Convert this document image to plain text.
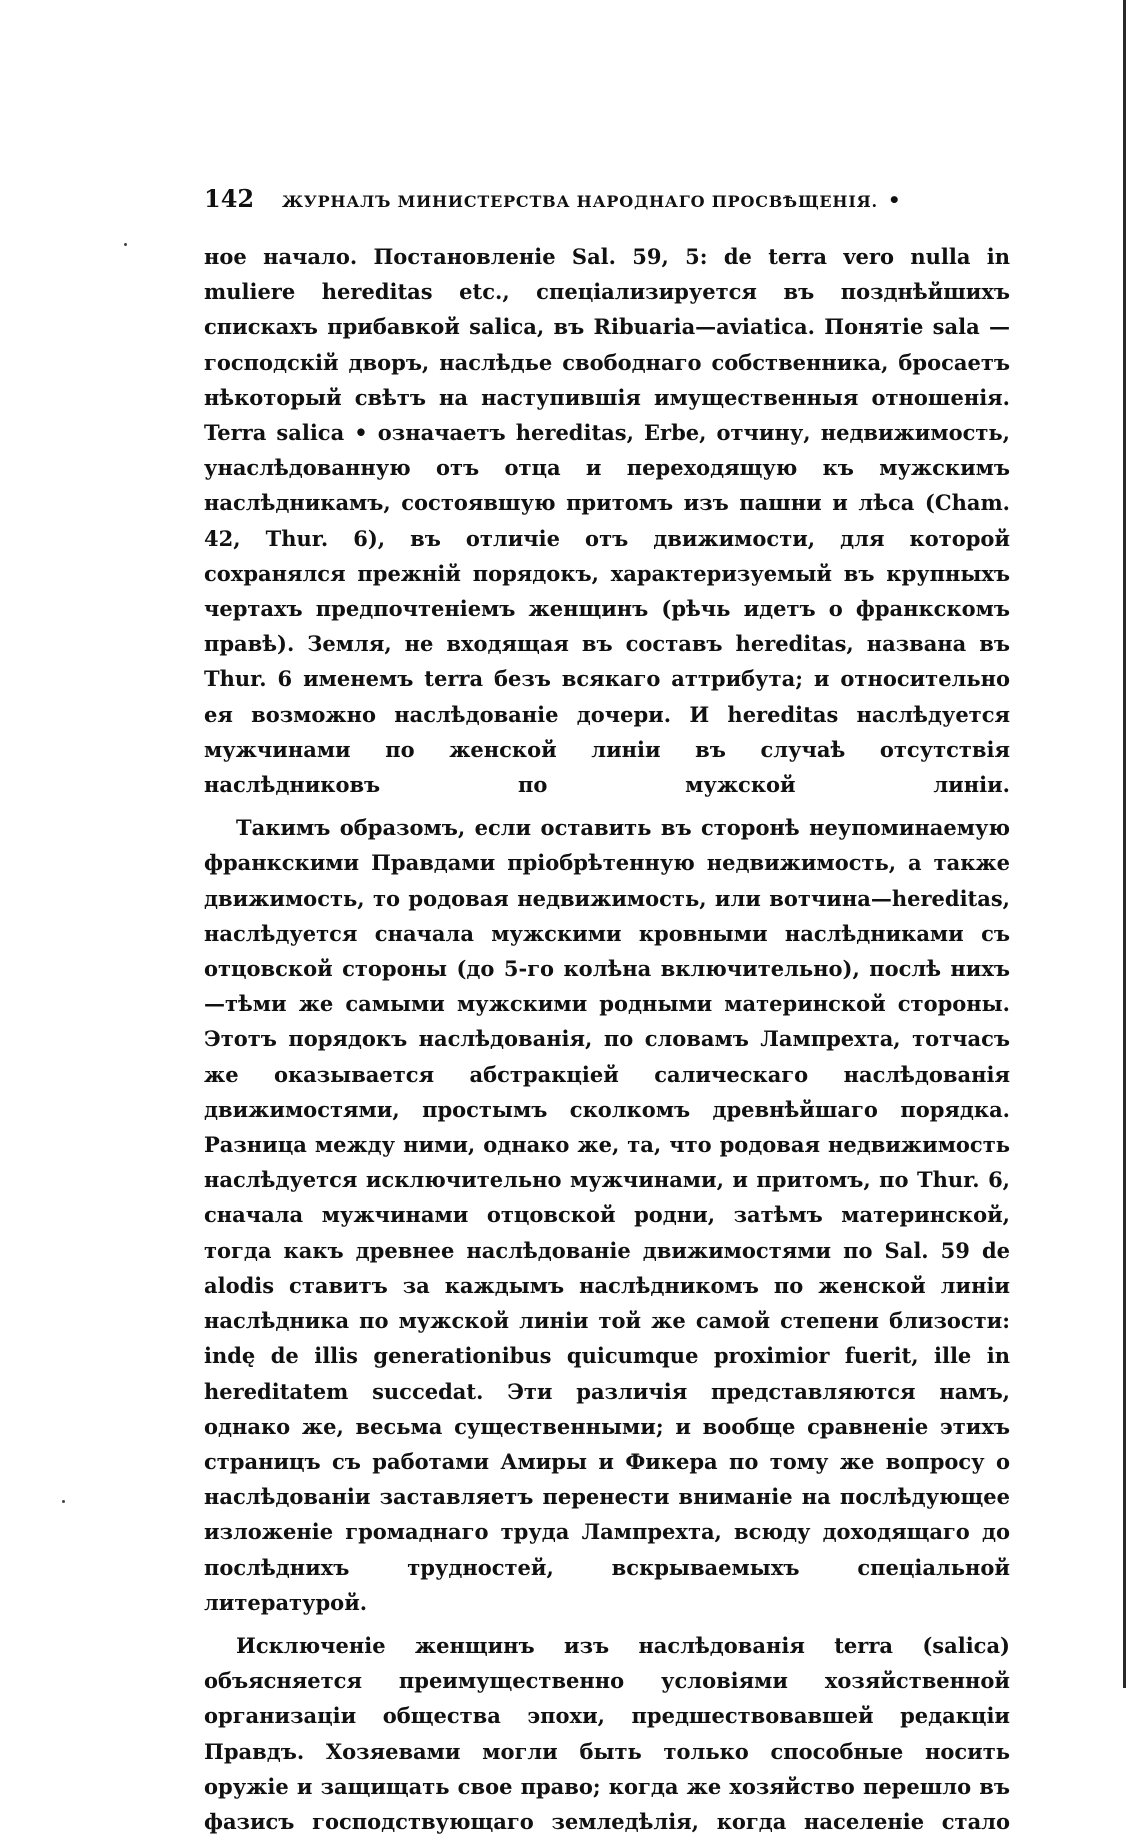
142	ЖУРНАЛЪ МИНИСТЕРСТВА НАРОДНАГО ПРОСВѢЩЕНІЯ. •

ное начало. Постановленіе Sal. 59, 5: de terra vero nulla in muliere hereditas etc., спеціализируется въ позднѣйшихъ спискахъ прибавкой salica, въ Ribuaria—aviatica. Понятіе sala — господскій дворъ, наслѣдье свободнаго собственника, бросаетъ нѣкоторый свѣтъ на наступившія имущественныя отношенія. Terra salica • означаетъ hereditas, Erbe, отчину, недвижимость, унаслѣдованную отъ отца и переходящую къ мужскимъ наслѣдникамъ, состоявшую притомъ изъ пашни и лѣса (Cham. 42, Thur. 6), въ отличіе отъ движимости, для которой сохранялся прежній порядокъ, характеризуемый въ крупныхъ чертахъ предпочтеніемъ женщинъ (рѣчь идетъ о франкскомъ правѣ). Земля, не входящая въ составъ hereditas, названа въ Thur. 6 именемъ terra безъ всякаго аттрибута; и относительно ея возможно наслѣдованіе дочери. И hereditas наслѣдуется мужчинами по женской линіи въ случаѣ отсутствія наслѣдниковъ по мужской линіи.

Такимъ образомъ, если оставить въ сторонѣ неупоминаемую франкскими Правдами пріобрѣтенную недвижимость, а также движимость, то родовая недвижимость, или вотчина—hereditas, наслѣдуется сначала мужскими кровными наслѣдниками съ отцовской стороны (до 5-го колѣна включительно), послѣ нихъ—тѣми же самыми мужскими родными материнской стороны. Этотъ порядокъ наслѣдованія, по словамъ Лампрехта, тотчасъ же оказывается абстракціей салическаго наслѣдованія движимостями, простымъ сколкомъ древнѣйшаго порядка. Разница между ними, однако же, та, что родовая недвижимость наслѣдуется исключительно мужчинами, и притомъ, по Thur. 6, сначала мужчинами отцовской родни, затѣмъ материнской, тогда какъ древнее наслѣдованіе движимостями по Sal. 59 de alodis ставитъ за каждымъ наслѣдникомъ по женской линіи наслѣдника по мужской линіи той же самой степени близости: indę de illis generationibus quicumque proximior fuerit, ille in hereditatem succedat. Эти различія представляются намъ, однако же, весьма существенными; и вообще сравненіе этихъ страницъ съ работами Амиры и Фикера по тому же вопросу о наслѣдованіи заставляетъ перенести вниманіе на послѣдующее изложеніе громаднаго труда Лампрехта, всюду доходящаго до послѣднихъ трудностей, вскрываемыхъ спеціальной литературой.

Исключеніе женщинъ изъ наслѣдованія terra (salica) объясняется преимущественно условіями хозяйственной организаціи общества эпохи, предшествовавшей редакціи Правдъ. Хозяевами могли быть только способные носить оружіе и защищать свое право; когда же хозяйство перешло въ фазисъ господствующаго земледѣлія, когда населеніе стало
